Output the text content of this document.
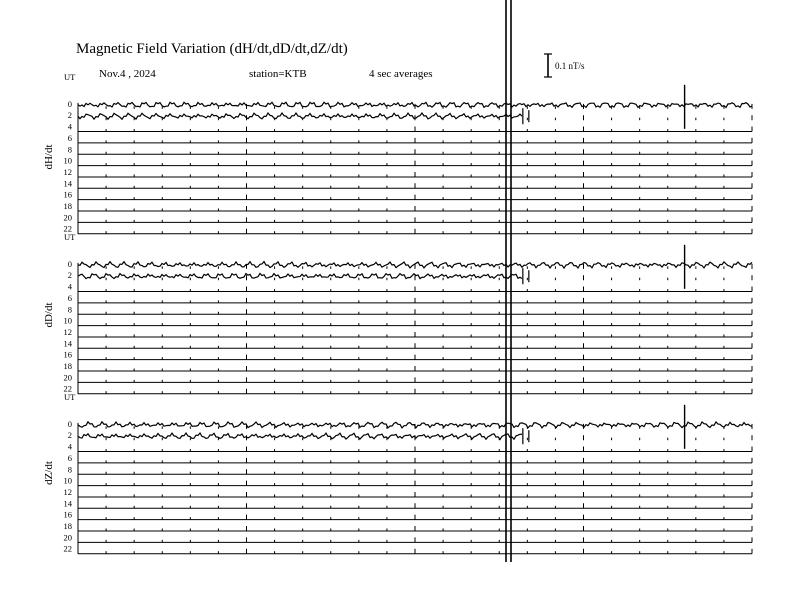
Magnetic Field Variation (dH/dt,dD/dt,dZ/dt)
Nov.4 , 2024	station=KTB	4 sec averages
0.1 nT/s
UT
dH/dt
0
2
4
6
8
10
12
14
16
18
20
22
UT
dD/dt
0
2
4
6
8
10
12
14
16
18
20
22
UT
dZ/dt
0
2
4
6
8
10
12
14
16
18
20
22
